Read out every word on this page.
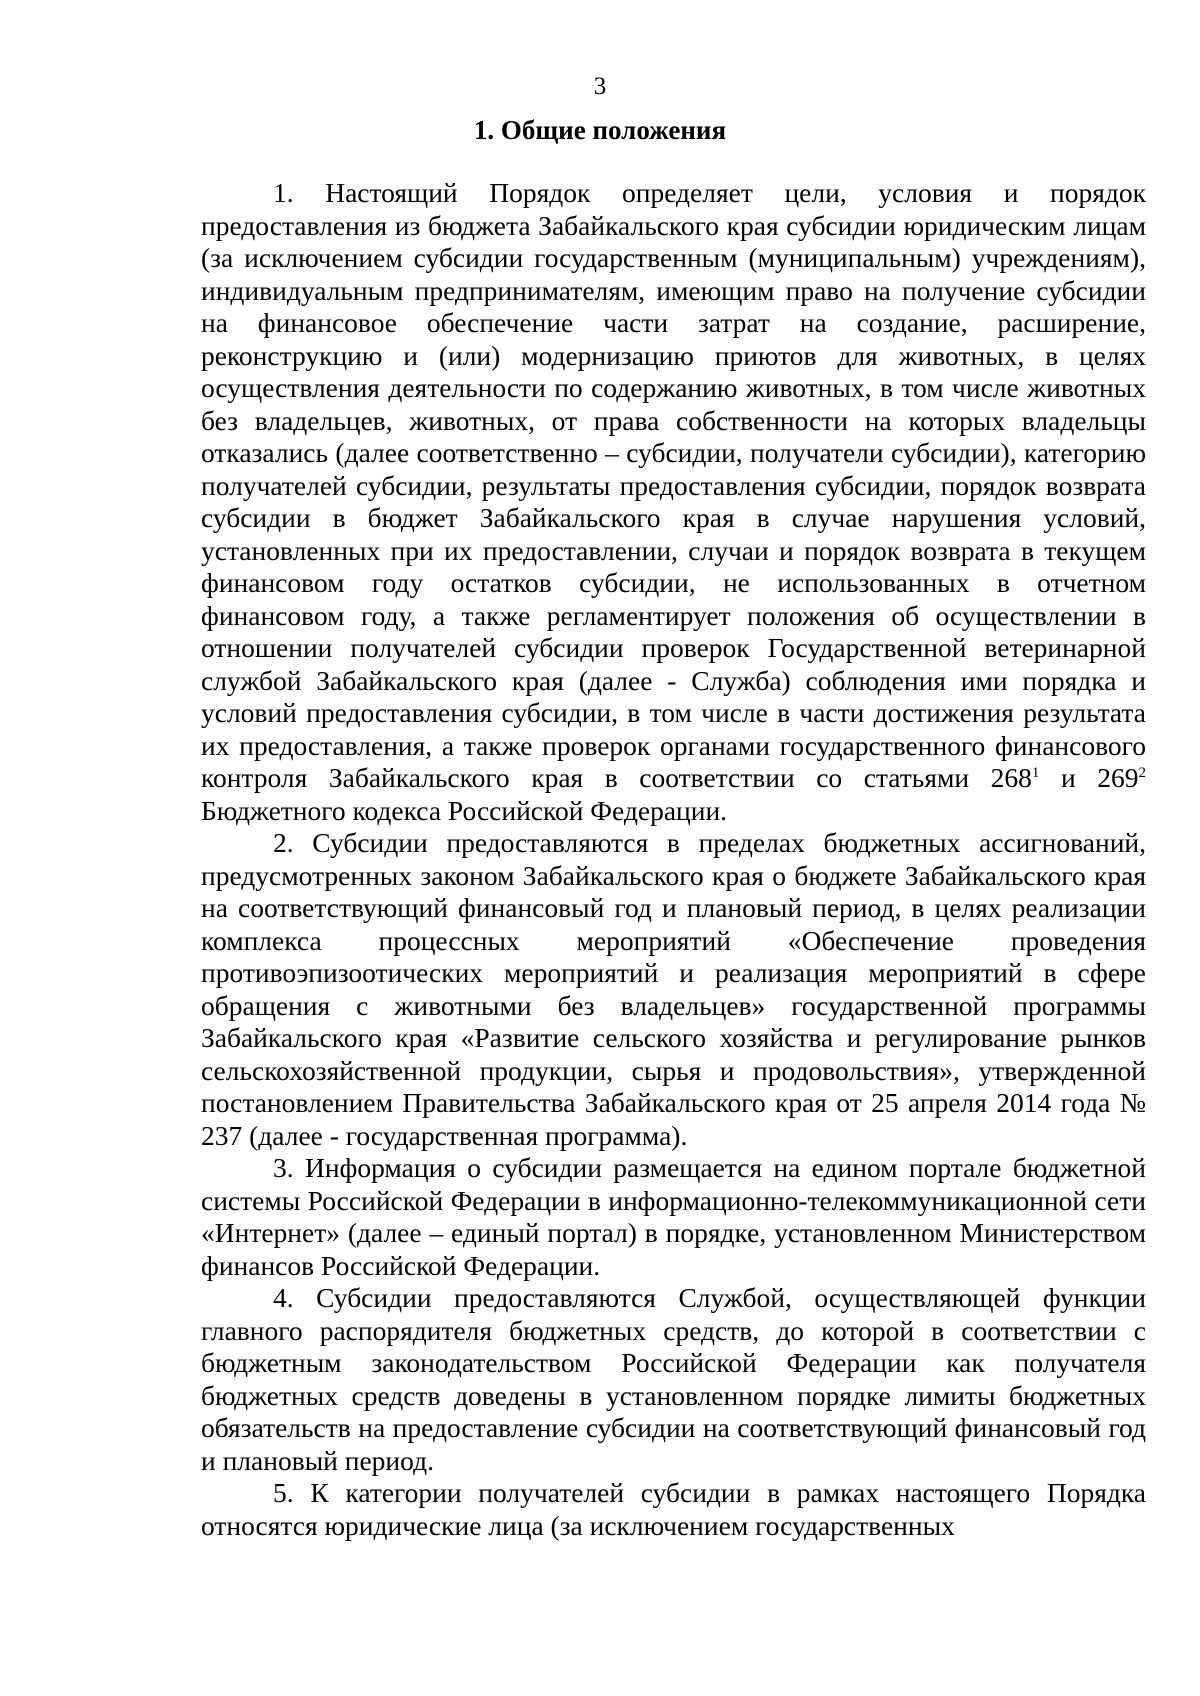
3
1. Общие положения

1. Настоящий Порядок определяет цели, условия и порядок предоставления из бюджета Забайкальского края субсидии юридическим лицам (за исключением субсидии государственным (муниципальным) учреждениям), индивидуальным предпринимателям, имеющим право на получение субсидии на финансовое обеспечение части затрат на создание, расширение, реконструкцию и (или) модернизацию приютов для животных, в целях осуществления деятельности по содержанию животных, в том числе животных без владельцев, животных, от права собственности на которых владельцы отказались (далее соответственно – субсидии, получатели субсидии), категорию получателей субсидии, результаты предоставления субсидии, порядок возврата субсидии в бюджет Забайкальского края в случае нарушения условий, установленных при их предоставлении, случаи и порядок возврата в текущем финансовом году остатков субсидии, не использованных в отчетном финансовом году, а также регламентирует положения об осуществлении в отношении получателей субсидии проверок Государственной ветеринарной службой Забайкальского края (далее - Служба) соблюдения ими порядка и условий предоставления субсидии, в том числе в части достижения результата их предоставления, а также проверок органами государственного финансового контроля Забайкальского края в соответствии со статьями $268^1$ и $269^2$ Бюджетного кодекса Российской Федерации.

2. Субсидии предоставляются в пределах бюджетных ассигнований, предусмотренных законом Забайкальского края о бюджете Забайкальского края на соответствующий финансовый год и плановый период, в целях реализации комплекса процессных мероприятий «Обеспечение проведения противоэпизоотических мероприятий и реализация мероприятий в сфере обращения с животными без владельцев» государственной программы Забайкальского края «Развитие сельского хозяйства и регулирование рынков сельскохозяйственной продукции, сырья и продовольствия», утвержденной постановлением Правительства Забайкальского края от 25 апреля 2014 года № 237 (далее - государственная программа).

3. Информация о субсидии размещается на едином портале бюджетной системы Российской Федерации в информационно-телекоммуникационной сети «Интернет» (далее – единый портал) в порядке, установленном Министерством финансов Российской Федерации.

4. Субсидии предоставляются Службой, осуществляющей функции главного распорядителя бюджетных средств, до которой в соответствии с бюджетным законодательством Российской Федерации как получателя бюджетных средств доведены в установленном порядке лимиты бюджетных обязательств на предоставление субсидии на соответствующий финансовый год и плановый период.

5. К категории получателей субсидии в рамках настоящего Порядка относятся юридические лица (за исключением государственных
